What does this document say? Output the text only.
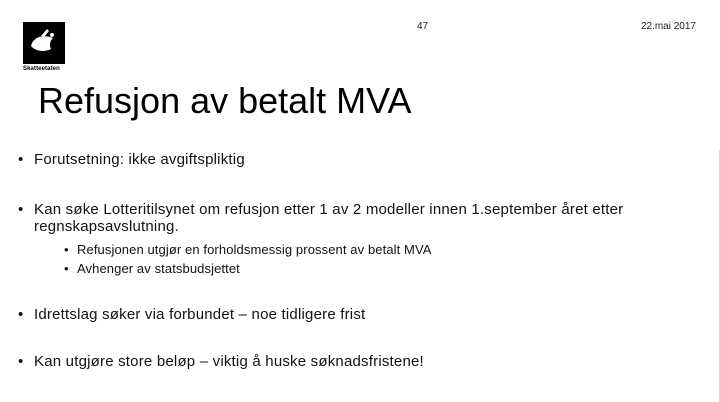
Skatteetaten
47	22.mai 2017
Refusjon av betalt MVA
• Forutsetning: ikke avgiftspliktig
• Kan søke Lotteritilsynet om refusjon etter 1 av 2 modeller innen 1.september året etter regnskapsavslutning.
• Refusjonen utgjør en forholdsmessig prossent av betalt MVA
• Avhenger av statsbudsjettet
• Idrettslag søker via forbundet – noe tidligere frist
• Kan utgjøre store beløp – viktig å huske søknadsfristene!
